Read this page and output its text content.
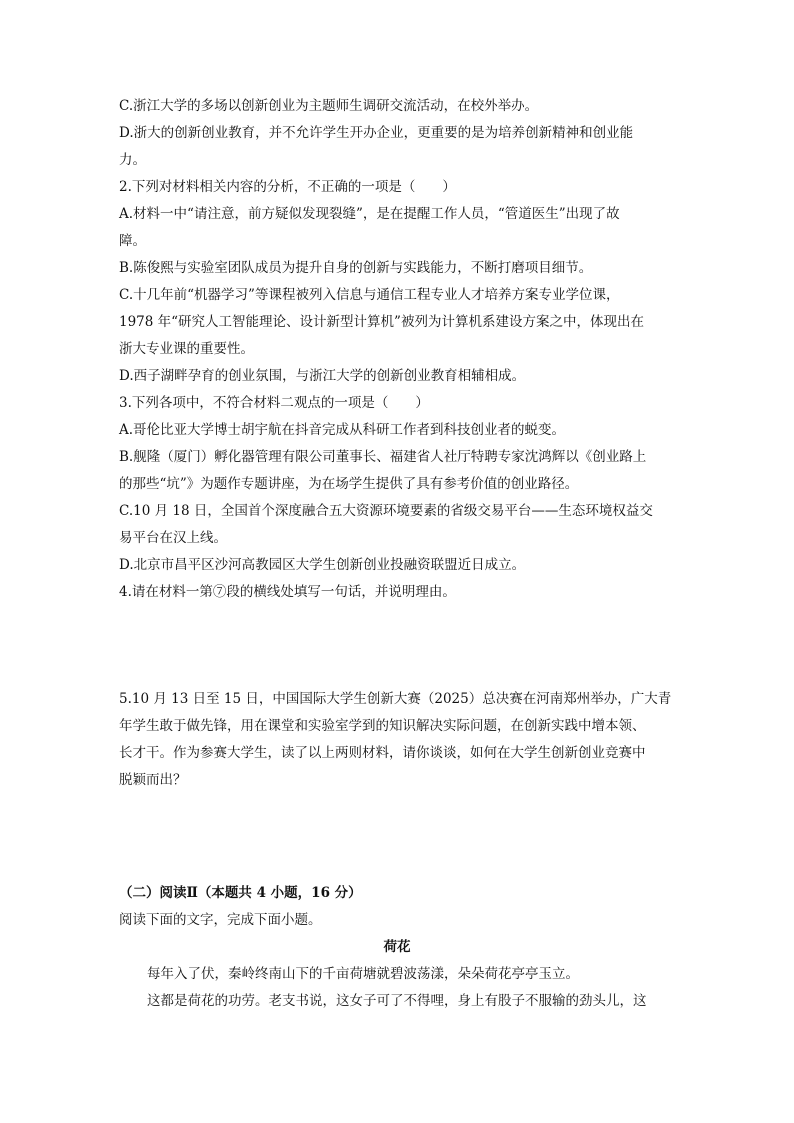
C.浙江大学的多场以创新创业为主题师生调研交流活动，在校外举办。
D.浙大的创新创业教育，并不允许学生开办企业，更重要的是为培养创新精神和创业能
力。
2.下列对材料相关内容的分析，不正确的一项是（　　）
A.材料一中“请注意，前方疑似发现裂缝”，是在提醒工作人员，“管道医生”出现了故
障。
B.陈俊熙与实验室团队成员为提升自身的创新与实践能力，不断打磨项目细节。
C.十几年前“机器学习”等课程被列入信息与通信工程专业人才培养方案专业学位课，
1978 年“研究人工智能理论、设计新型计算机”被列为计算机系建设方案之中，体现出在
浙大专业课的重要性。
D.西子湖畔孕育的创业氛围，与浙江大学的创新创业教育相辅相成。
3.下列各项中，不符合材料二观点的一项是（　　）
A.哥伦比亚大学博士胡宇航在抖音完成从科研工作者到科技创业者的蜕变。
B.舰隆（厦门）孵化器管理有限公司董事长、福建省人社厅特聘专家沈鸿辉以《创业路上
的那些“坑”》为题作专题讲座，为在场学生提供了具有参考价值的创业路径。
C.10 月 18 日，全国首个深度融合五大资源环境要素的省级交易平台——生态环境权益交
易平台在汉上线。
D.北京市昌平区沙河高教园区大学生创新创业投融资联盟近日成立。
4.请在材料一第⑦段的横线处填写一句话，并说明理由。
5.10 月 13 日至 15 日，中国国际大学生创新大赛（2025）总决赛在河南郑州举办，广大青
年学生敢于做先锋，用在课堂和实验室学到的知识解决实际问题，在创新实践中增本领、
长才干。作为参赛大学生，读了以上两则材料，请你谈谈，如何在大学生创新创业竞赛中
脱颖而出？
（二）阅读Ⅱ（本题共 4 小题，16 分）
阅读下面的文字，完成下面小题。
荷花
每年入了伏，秦岭终南山下的千亩荷塘就碧波荡漾，朵朵荷花亭亭玉立。
这都是荷花的功劳。老支书说，这女子可了不得哩，身上有股子不服输的劲头儿，这
